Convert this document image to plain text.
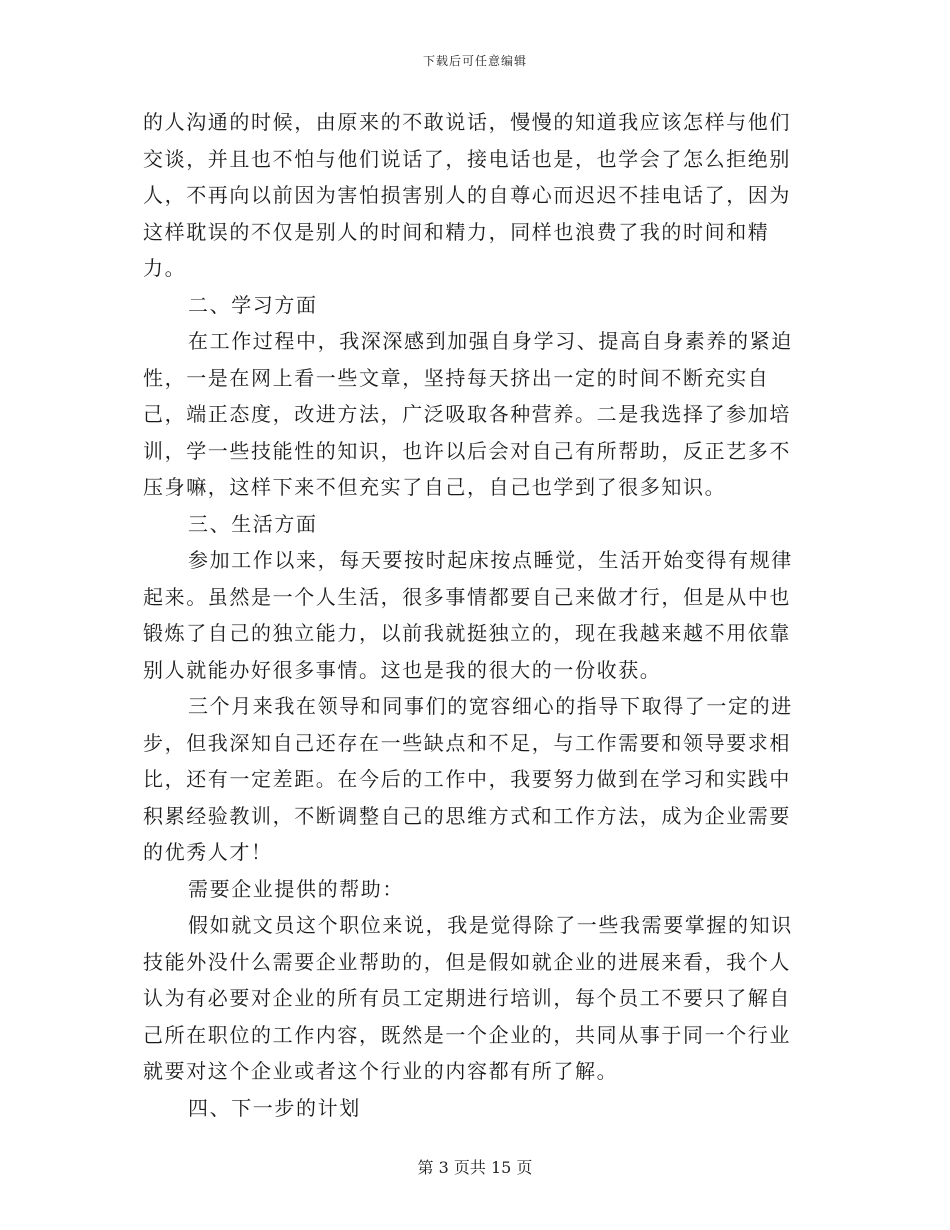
下载后可任意编辑

的人沟通的时候，由原来的不敢说话，慢慢的知道我应该怎样与他们交谈，并且也不怕与他们说话了，接电话也是，也学会了怎么拒绝别人，不再向以前因为害怕损害别人的自尊心而迟迟不挂电话了，因为这样耽误的不仅是别人的时间和精力，同样也浪费了我的时间和精力。

二、学习方面

在工作过程中，我深深感到加强自身学习、提高自身素养的紧迫性，一是在网上看一些文章，坚持每天挤出一定的时间不断充实自己，端正态度，改进方法，广泛吸取各种营养。二是我选择了参加培训，学一些技能性的知识，也许以后会对自己有所帮助，反正艺多不压身嘛，这样下来不但充实了自己，自己也学到了很多知识。

三、生活方面

参加工作以来，每天要按时起床按点睡觉，生活开始变得有规律起来。虽然是一个人生活，很多事情都要自己来做才行，但是从中也锻炼了自己的独立能力，以前我就挺独立的，现在我越来越不用依靠别人就能办好很多事情。这也是我的很大的一份收获。

三个月来我在领导和同事们的宽容细心的指导下取得了一定的进步，但我深知自己还存在一些缺点和不足，与工作需要和领导要求相比，还有一定差距。在今后的工作中，我要努力做到在学习和实践中积累经验教训，不断调整自己的思维方式和工作方法，成为企业需要的优秀人才！

需要企业提供的帮助：

假如就文员这个职位来说，我是觉得除了一些我需要掌握的知识技能外没什么需要企业帮助的，但是假如就企业的进展来看，我个人认为有必要对企业的所有员工定期进行培训，每个员工不要只了解自己所在职位的工作内容，既然是一个企业的，共同从事于同一个行业就要对这个企业或者这个行业的内容都有所了解。

四、下一步的计划

第 3 页共 15 页
